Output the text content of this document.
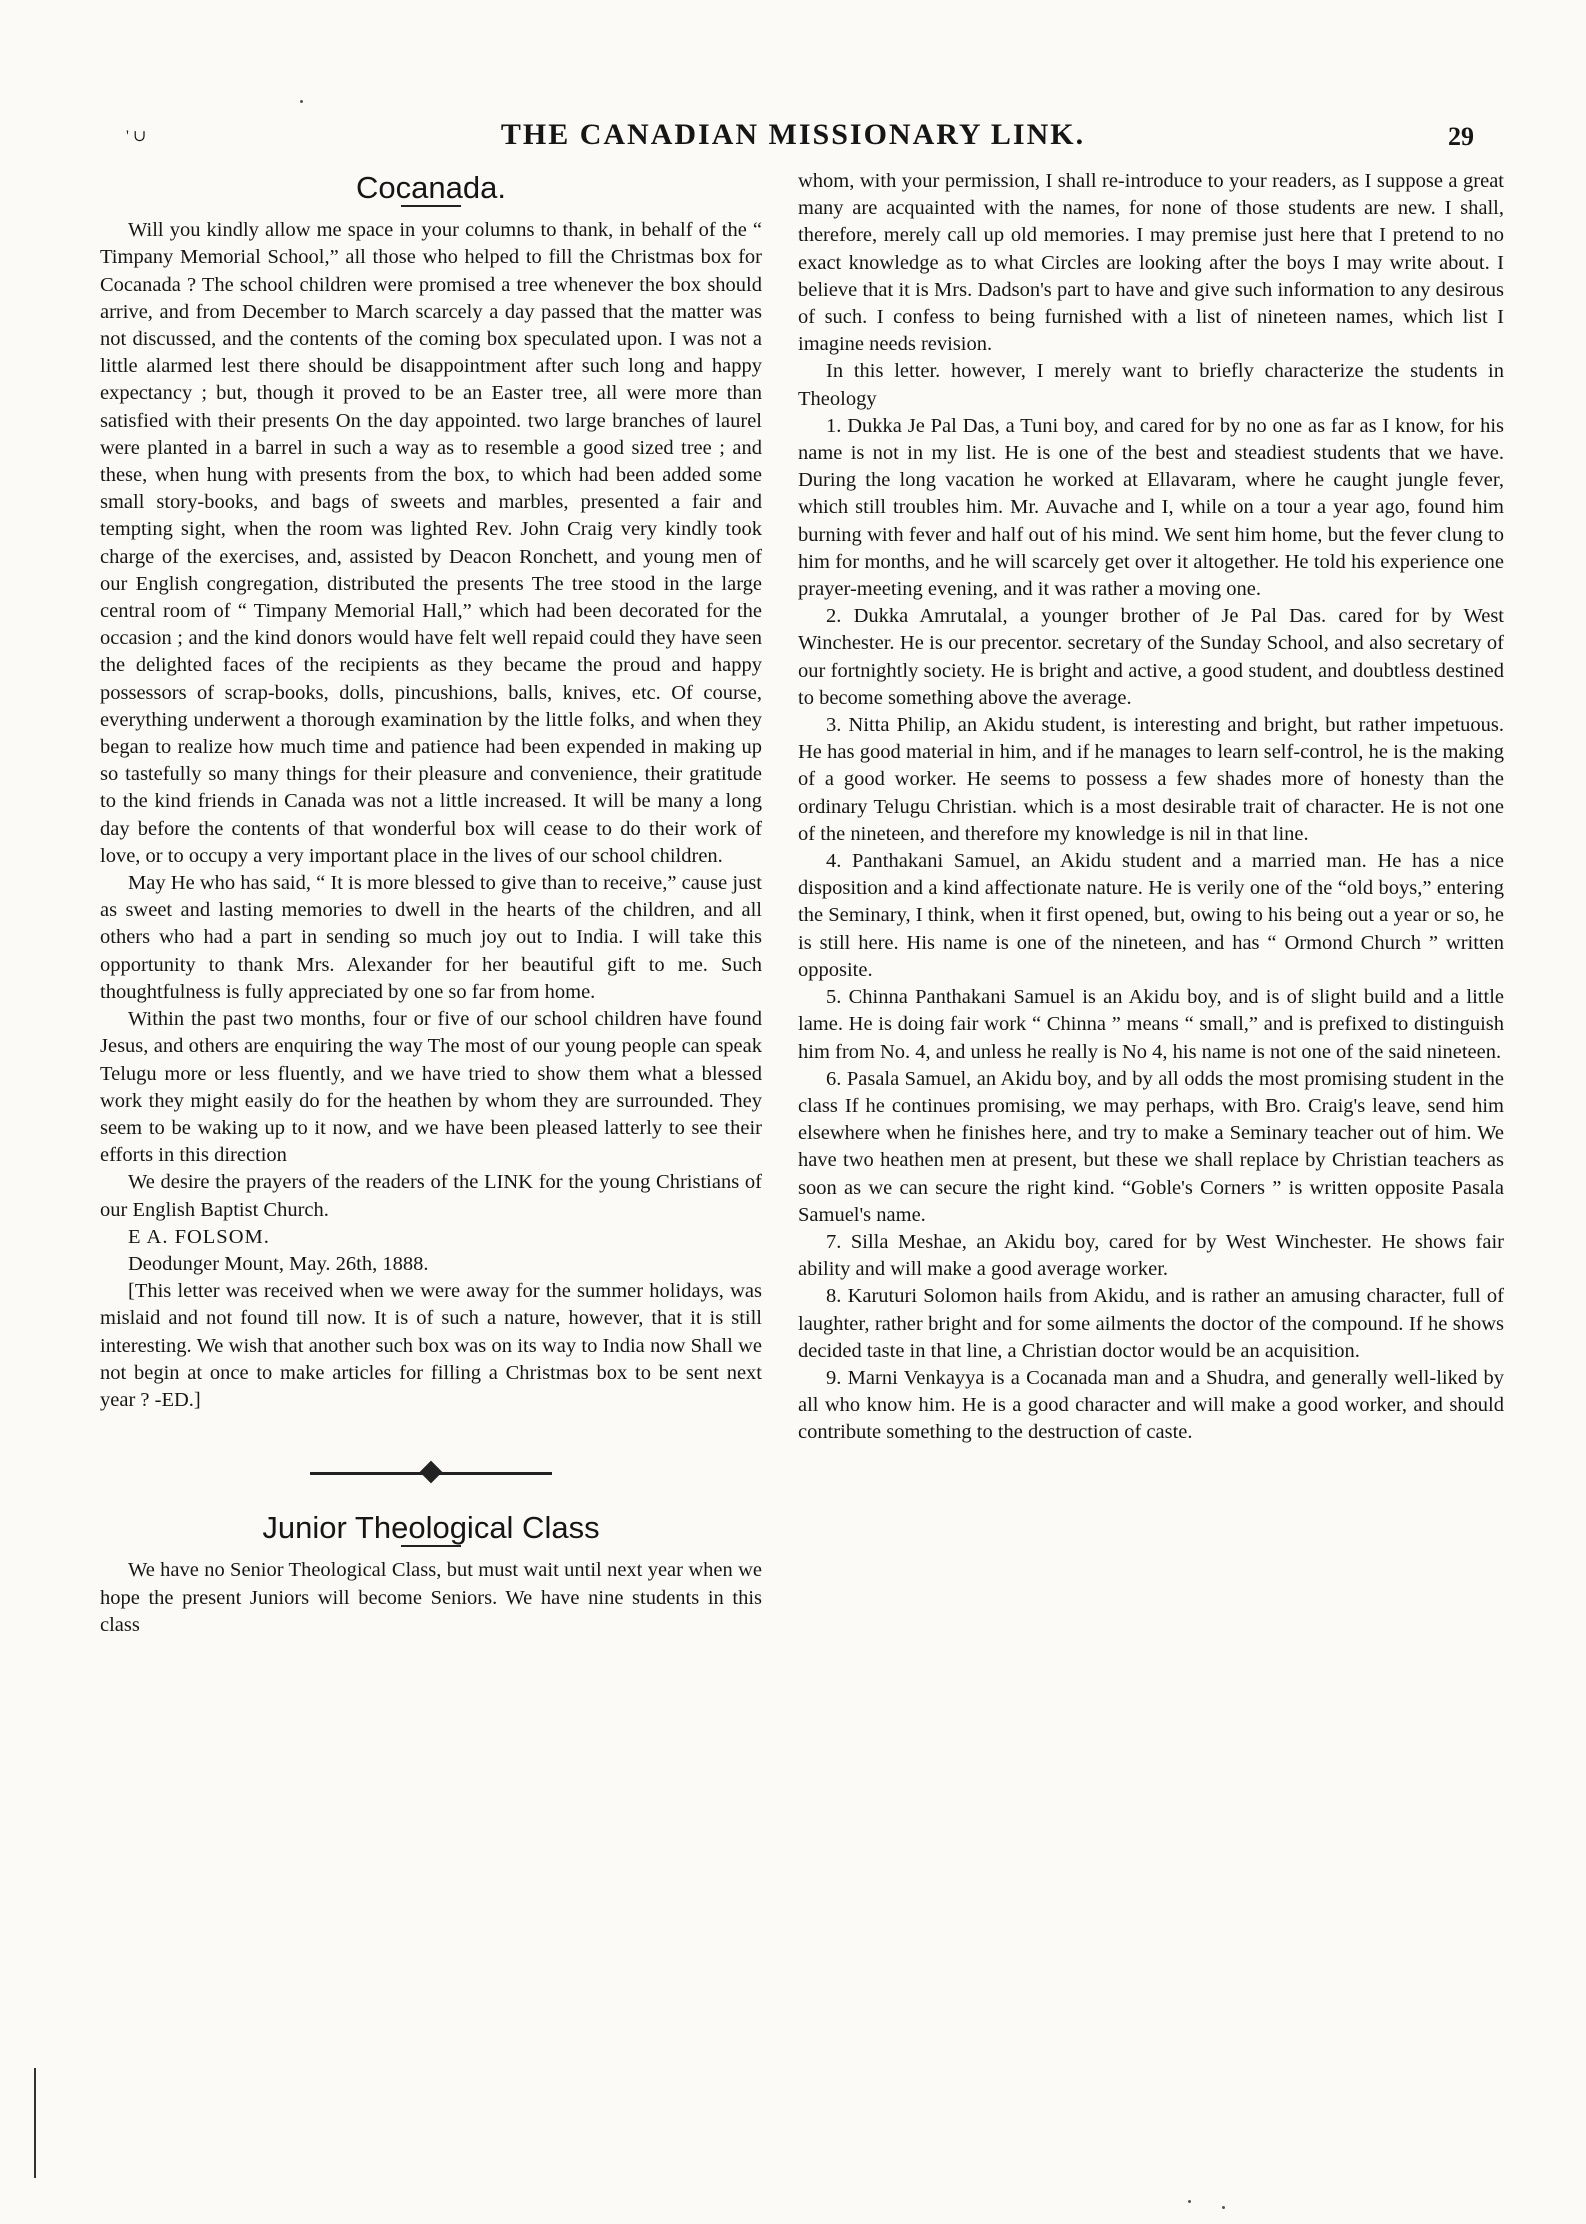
' ∪	THE CANADIAN MISSIONARY LINK.	29
Cocanada.

Will you kindly allow me space in your columns to thank, in behalf of the “ Timpany Memorial School,” all those who helped to fill the Christmas box for Cocanada ? The school children were promised a tree whenever the box should arrive, and from December to March scarcely a day passed that the matter was not discussed, and the contents of the coming box speculated upon. I was not a little alarmed lest there should be disappointment after such long and happy expectancy ; but, though it proved to be an Easter tree, all were more than satisfied with their presents On the day appointed. two large branches of laurel were planted in a barrel in such a way as to resemble a good sized tree ; and these, when hung with presents from the box, to which had been added some small story-books, and bags of sweets and marbles, presented a fair and tempting sight, when the room was lighted Rev. John Craig very kindly took charge of the exercises, and, assisted by Deacon Ronchett, and young men of our English congregation, distributed the presents The tree stood in the large central room of “ Timpany Memorial Hall,” which had been decorated for the occasion ; and the kind donors would have felt well repaid could they have seen the delighted faces of the recipients as they became the proud and happy possessors of scrap-books, dolls, pincushions, balls, knives, etc. Of course, everything underwent a thorough examination by the little folks, and when they began to realize how much time and patience had been expended in making up so tastefully so many things for their pleasure and convenience, their gratitude to the kind friends in Canada was not a little increased. It will be many a long day before the contents of that wonderful box will cease to do their work of love, or to occupy a very important place in the lives of our school children.

May He who has said, “ It is more blessed to give than to receive,” cause just as sweet and lasting memories to dwell in the hearts of the children, and all others who had a part in sending so much joy out to India. I will take this opportunity to thank Mrs. Alexander for her beautiful gift to me. Such thoughtfulness is fully appreciated by one so far from home.

Within the past two months, four or five of our school children have found Jesus, and others are enquiring the way The most of our young people can speak Telugu more or less fluently, and we have tried to show them what a blessed work they might easily do for the heathen by whom they are surrounded. They seem to be waking up to it now, and we have been pleased latterly to see their efforts in this direction

We desire the prayers of the readers of the LINK for the young Christians of our English Baptist Church.

E A. FOLSOM.

Deodunger Mount, May. 26th, 1888.

[This letter was received when we were away for the summer holidays, was mislaid and not found till now. It is of such a nature, however, that it is still interesting. We wish that another such box was on its way to India now Shall we not begin at once to make articles for filling a Christmas box to be sent next year ? -ED.]

Junior Theological Class

We have no Senior Theological Class, but must wait until next year when we hope the present Juniors will become Seniors. We have nine students in this class

whom, with your permission, I shall re-introduce to your readers, as I suppose a great many are acquainted with the names, for none of those students are new. I shall, therefore, merely call up old memories. I may premise just here that I pretend to no exact knowledge as to what Circles are looking after the boys I may write about. I believe that it is Mrs. Dadson's part to have and give such information to any desirous of such. I confess to being furnished with a list of nineteen names, which list I imagine needs revision.

In this letter. however, I merely want to briefly characterize the students in Theology

1. Dukka Je Pal Das, a Tuni boy, and cared for by no one as far as I know, for his name is not in my list. He is one of the best and steadiest students that we have. During the long vacation he worked at Ellavaram, where he caught jungle fever, which still troubles him. Mr. Auvache and I, while on a tour a year ago, found him burning with fever and half out of his mind. We sent him home, but the fever clung to him for months, and he will scarcely get over it altogether. He told his experience one prayer-meeting evening, and it was rather a moving one.

2. Dukka Amrutalal, a younger brother of Je Pal Das. cared for by West Winchester. He is our precentor. secretary of the Sunday School, and also secretary of our fortnightly society. He is bright and active, a good student, and doubtless destined to become something above the average.

3. Nitta Philip, an Akidu student, is interesting and bright, but rather impetuous. He has good material in him, and if he manages to learn self-control, he is the making of a good worker. He seems to possess a few shades more of honesty than the ordinary Telugu Christian. which is a most desirable trait of character. He is not one of the nineteen, and therefore my knowledge is nil in that line.

4. Panthakani Samuel, an Akidu student and a married man. He has a nice disposition and a kind affectionate nature. He is verily one of the “old boys,” entering the Seminary, I think, when it first opened, but, owing to his being out a year or so, he is still here. His name is one of the nineteen, and has “ Ormond Church ” written opposite.

5. Chinna Panthakani Samuel is an Akidu boy, and is of slight build and a little lame. He is doing fair work “ Chinna ” means “ small,” and is prefixed to distinguish him from No. 4, and unless he really is No 4, his name is not one of the said nineteen.

6. Pasala Samuel, an Akidu boy, and by all odds the most promising student in the class If he continues promising, we may perhaps, with Bro. Craig's leave, send him elsewhere when he finishes here, and try to make a Seminary teacher out of him. We have two heathen men at present, but these we shall replace by Christian teachers as soon as we can secure the right kind. “Goble's Corners ” is written opposite Pasala Samuel's name.

7. Silla Meshae, an Akidu boy, cared for by West Winchester. He shows fair ability and will make a good average worker.

8. Karuturi Solomon hails from Akidu, and is rather an amusing character, full of laughter, rather bright and for some ailments the doctor of the compound. If he shows decided taste in that line, a Christian doctor would be an acquisition.

9. Marni Venkayya is a Cocanada man and a Shudra, and generally well-liked by all who know him. He is a good character and will make a good worker, and should contribute something to the destruction of caste.
